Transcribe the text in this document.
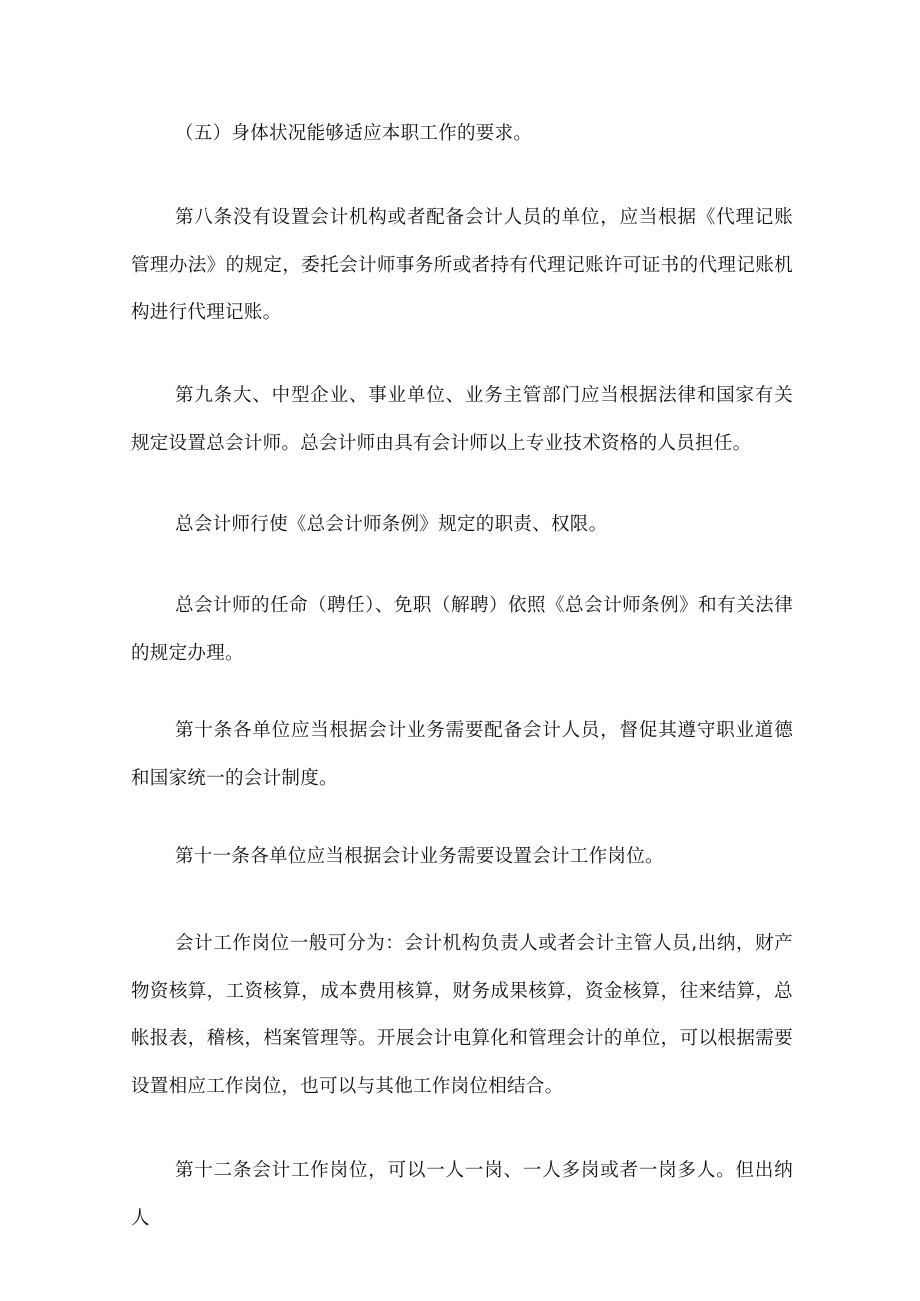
（五）身体状况能够适应本职工作的要求。

第八条没有设置会计机构或者配备会计人员的单位，应当根据《代理记账管理办法》的规定，委托会计师事务所或者持有代理记账许可证书的代理记账机构进行代理记账。

第九条大、中型企业、事业单位、业务主管部门应当根据法律和国家有关规定设置总会计师。总会计师由具有会计师以上专业技术资格的人员担任。

总会计师行使《总会计师条例》规定的职责、权限。

总会计师的任命（聘任）、免职（解聘）依照《总会计师条例》和有关法律的规定办理。

第十条各单位应当根据会计业务需要配备会计人员，督促其遵守职业道德和国家统一的会计制度。

第十一条各单位应当根据会计业务需要设置会计工作岗位。

会计工作岗位一般可分为：会计机构负责人或者会计主管人员,出纳，财产物资核算，工资核算，成本费用核算，财务成果核算，资金核算，往来结算，总帐报表，稽核，档案管理等。开展会计电算化和管理会计的单位，可以根据需要设置相应工作岗位，也可以与其他工作岗位相结合。

第十二条会计工作岗位，可以一人一岗、一人多岗或者一岗多人。但出纳人
